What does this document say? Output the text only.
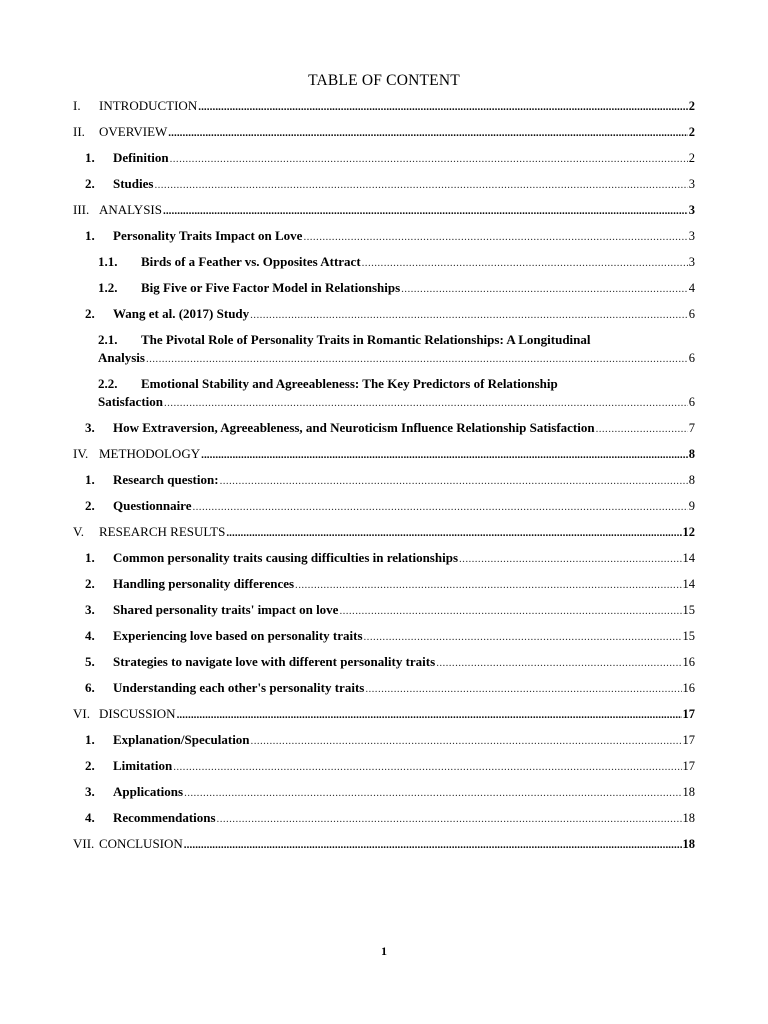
TABLE OF CONTENT
I.	INTRODUCTION .....	2
II.	OVERVIEW .....	2
1.	Definition .....	2
2.	Studies .....	3
III. ANALYSIS .....	3
1.	Personality Traits Impact on Love .....	3
1.1.	Birds of a Feather vs. Opposites Attract .....	3
1.2.	Big Five or Five Factor Model in Relationships .....	4
2.	Wang et al. (2017) Study .....	6
2.1.	The Pivotal Role of Personality Traits in Romantic Relationships: A Longitudinal
Analysis .....	6
2.2.	Emotional Stability and Agreeableness: The Key Predictors of Relationship
Satisfaction .....	6
3.	How Extraversion, Agreeableness, and Neuroticism Influence Relationship Satisfaction .....	7
IV. METHODOLOGY .....	8
1.	Research question: .....	8
2.	Questionnaire .....	9
V.	RESEARCH RESULTS .....	12
1.	Common personality traits causing difficulties in relationships .....	14
2.	Handling personality differences .....	14
3.	Shared personality traits' impact on love .....	15
4.	Experiencing love based on personality traits .....	15
5.	Strategies to navigate love with different personality traits .....	16
6.	Understanding each other's personality traits .....	16
VI. DISCUSSION .....	17
1.	Explanation/Speculation .....	17
2.	Limitation .....	17
3.	Applications .....	18
4.	Recommendations .....	18
VII. CONCLUSION .....	18
1
